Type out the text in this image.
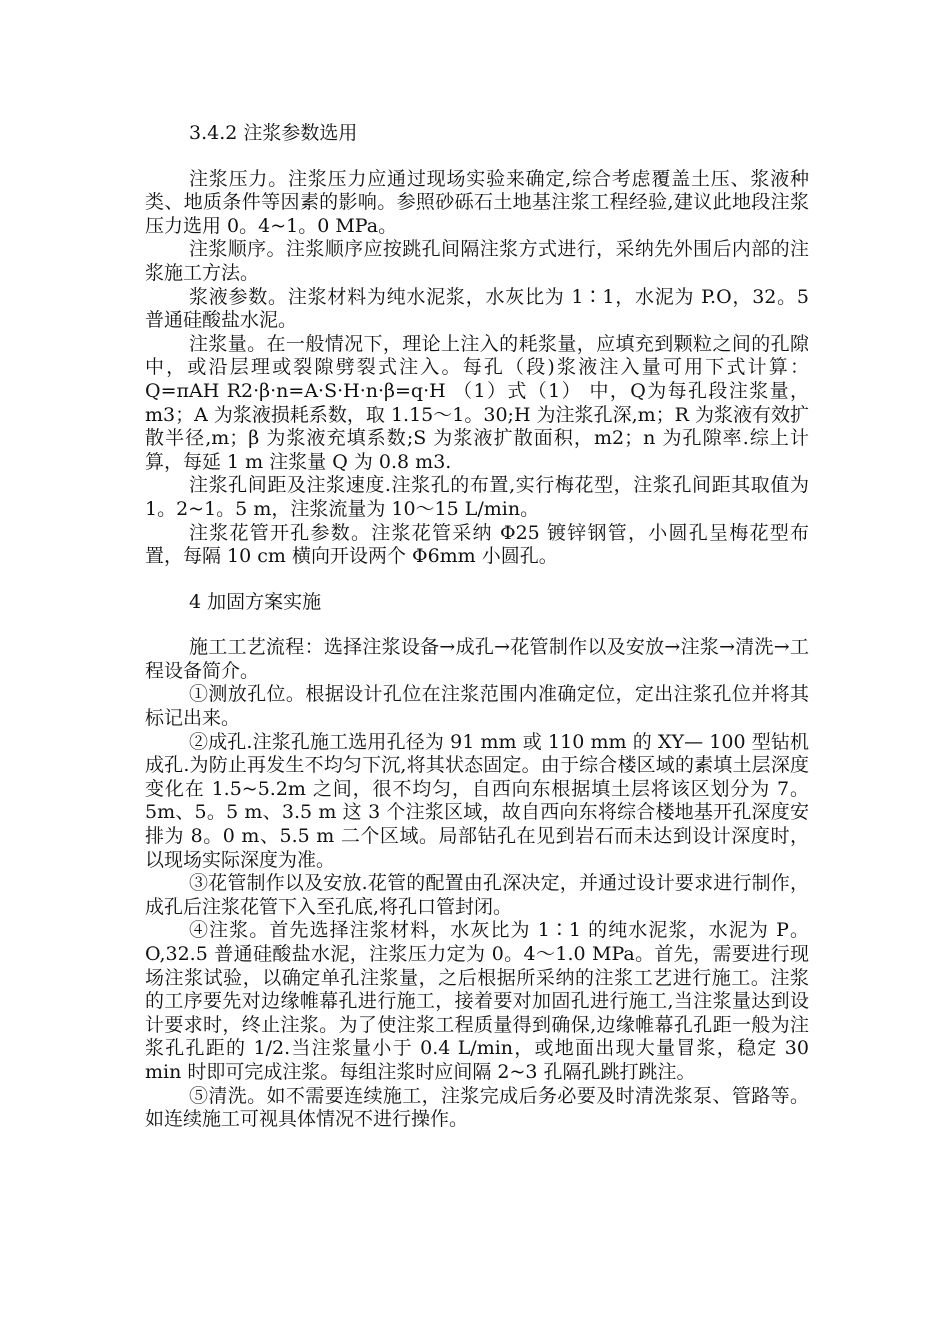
3.4.2 注浆参数选用

注浆压力。注浆压力应通过现场实验来确定,综合考虑覆盖土压、浆液种类、地质条件等因素的影响。参照砂砾石土地基注浆工程经验,建议此地段注浆压力选用 0。4~1。0 MPa。

注浆顺序。注浆顺序应按跳孔间隔注浆方式进行，采纳先外围后内部的注浆施工方法。

浆液参数。注浆材料为纯水泥浆，水灰比为 1∶1，水泥为 P.O，32。5 普通硅酸盐水泥。

注浆量。在一般情况下，理论上注入的耗浆量，应填充到颗粒之间的孔隙中，或沿层理或裂隙劈裂式注入。每孔（段)浆液注入量可用下式计算：Q=πAH R2·β·n=A·S·H·n·β=q·H （1）式（1） 中，Q为每孔段注浆量，m3；A 为浆液损耗系数，取 1.15～1。30;H 为注浆孔深,m；R 为浆液有效扩散半径,m；β 为浆液充填系数;S 为浆液扩散面积，m2；n 为孔隙率.综上计算，每延 1 m 注浆量 Q 为 0.8 m3.

注浆孔间距及注浆速度.注浆孔的布置,实行梅花型，注浆孔间距其取值为 1。2~1。5 m，注浆流量为 10～15 L/min。

注浆花管开孔参数。注浆花管采纳 Φ25 镀锌钢管，小圆孔呈梅花型布置，每隔 10 cm 横向开设两个 Φ6mm 小圆孔。

4 加固方案实施

施工工艺流程：选择注浆设备→成孔→花管制作以及安放→注浆→清洗→工程设备简介。

①测放孔位。根据设计孔位在注浆范围内准确定位，定出注浆孔位并将其标记出来。

②成孔.注浆孔施工选用孔径为 91 mm 或 110 mm 的 XY— 100 型钻机成孔.为防止再发生不均匀下沉,将其状态固定。由于综合楼区域的素填土层深度变化在 1.5~5.2m 之间，很不均匀，自西向东根据填土层将该区划分为 7。5m、5。5 m、3.5 m 这 3 个注浆区域，故自西向东将综合楼地基开孔深度安排为 8。0 m、5.5 m 二个区域。局部钻孔在见到岩石而未达到设计深度时，以现场实际深度为准。

③花管制作以及安放.花管的配置由孔深决定，并通过设计要求进行制作，成孔后注浆花管下入至孔底,将孔口管封闭。

④注浆。首先选择注浆材料，水灰比为 1∶1 的纯水泥浆，水泥为 P。O,32.5 普通硅酸盐水泥，注浆压力定为 0。4～1.0 MPa。首先，需要进行现场注浆试验，以确定单孔注浆量，之后根据所采纳的注浆工艺进行施工。注浆的工序要先对边缘帷幕孔进行施工，接着要对加固孔进行施工,当注浆量达到设计要求时，终止注浆。为了使注浆工程质量得到确保,边缘帷幕孔孔距一般为注浆孔孔距的 1/2.当注浆量小于 0.4 L/min，或地面出现大量冒浆，稳定 30 min 时即可完成注浆。每组注浆时应间隔 2~3 孔隔孔跳打跳注。

⑤清洗。如不需要连续施工，注浆完成后务必要及时清洗浆泵、管路等。如连续施工可视具体情况不进行操作。
